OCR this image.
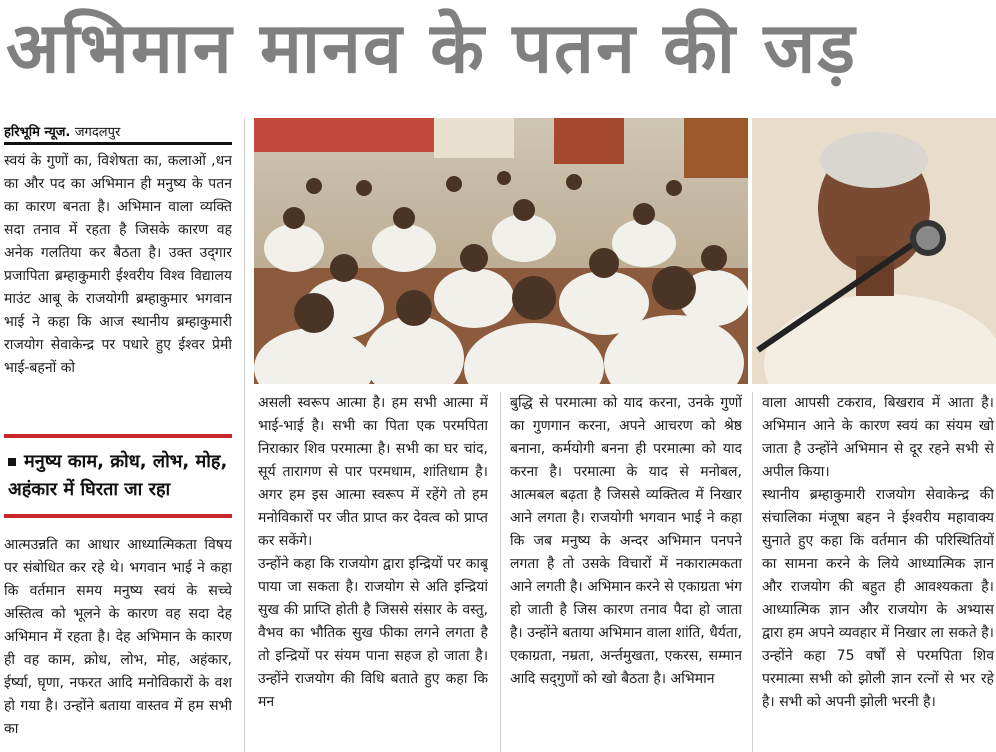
अभिमान मानव के पतन की जड़
हरिभूमि न्यूज. जगदलपुर
स्वयं के गुणों का, विशेषता का, कलाओं ,धन का और पद का अभिमान ही मनुष्य के पतन का कारण बनता है। अभिमान वाला व्यक्ति सदा तनाव में रहता है जिसके कारण वह अनेक गलतिया कर बैठता है। उक्त उद्‌गार प्रजापिता ब्रम्हाकुमारी ईश्वरीय विश्व विद्यालय माउंट आबू के राजयोगी ब्रम्हाकुमार भगवान भाई ने कहा कि आज स्थानीय ब्रम्हाकुमारी राजयोग सेवाकेन्द्र पर पधारे हुए ईश्वर प्रेमी भाई-बहनों को
मनुष्य काम, क्रोध, लोभ, मोह, अहंकार में घिरता जा रहा
आत्मउन्नति का आधार आध्यात्मिकता विषय पर संबोधित कर रहे थे। भगवान भाई ने कहा कि वर्तमान समय मनुष्य स्वयं के सच्चे अस्तित्व को भूलने के कारण वह सदा देह अभिमान में रहता है। देह अभिमान के कारण ही वह काम, क्रोध, लोभ, मोह, अहंकार, ईर्ष्या, घृणा, नफरत आदि मनोविकारों के वश हो गया है। उन्होंने बताया वास्तव में हम सभी का
असली स्वरूप आत्मा है। हम सभी आत्मा में भाई-भाई है। सभी का पिता एक परमपिता निराकार शिव परमात्मा है। सभी का घर चांद, सूर्य तारागण से पार परमधाम, शांतिधाम है। अगर हम इस आत्मा स्वरूप में रहेंगे तो हम मनोविकारों पर जीत प्राप्त कर देवत्व को प्राप्त कर सकेंगे।
उन्होंने कहा कि राजयोग द्वारा इन्द्रियों पर काबू पाया जा सकता है। राजयोग से अति इन्द्रियां सुख की प्राप्ति होती है जिससे संसार के वस्तु, वैभव का भौतिक सुख फीका लगने लगता है तो इन्द्रियों पर संयम पाना सहज हो जाता है। उन्होंने राजयोग की विधि बताते हुए कहा कि मन
बुद्धि से परमात्मा को याद करना, उनके गुणों का गुणगान करना, अपने आचरण को श्रेष्ठ बनाना, कर्मयोगी बनना ही परमात्मा को याद करना है। परमात्मा के याद से मनोबल, आत्मबल बढ़ता है जिससे व्यक्तित्व में निखार आने लगता है। राजयोगी भगवान भाई ने कहा कि जब मनुष्य के अन्दर अभिमान पनपने लगता है तो उसके विचारों में नकारात्मकता आने लगती है। अभिमान करने से एकाग्रता भंग हो जाती है जिस कारण तनाव पैदा हो जाता है। उन्होंने बताया अभिमान वाला शांति, धैर्यता, एकाग्रता, नम्रता, अर्न्तमुखता, एकरस, सम्मान आदि सद्‌गुणों को खो बैठता है। अभिमान
वाला आपसी टकराव, बिखराव में आता है। अभिमान आने के कारण स्वयं का संयम खो जाता है उन्होंने अभिमान से दूर रहने सभी से अपील किया।
स्थानीय ब्रम्हाकुमारी राजयोग सेवाकेन्द्र की संचालिका मंजूषा बहन ने ईश्वरीय महावाक्य सुनाते हुए कहा कि वर्तमान की परिस्थितियों का सामना करने के लिये आध्यात्मिक ज्ञान और राजयोग की बहुत ही आवश्यकता है। आध्यात्मिक ज्ञान और राजयोग के अभ्यास द्वारा हम अपने व्यवहार में निखार ला सकते है। उन्होंने कहा 75 वर्षों से परमपिता शिव परमात्मा सभी को झोली ज्ञान रत्नों से भर रहे है। सभी को अपनी झोली भरनी है।
